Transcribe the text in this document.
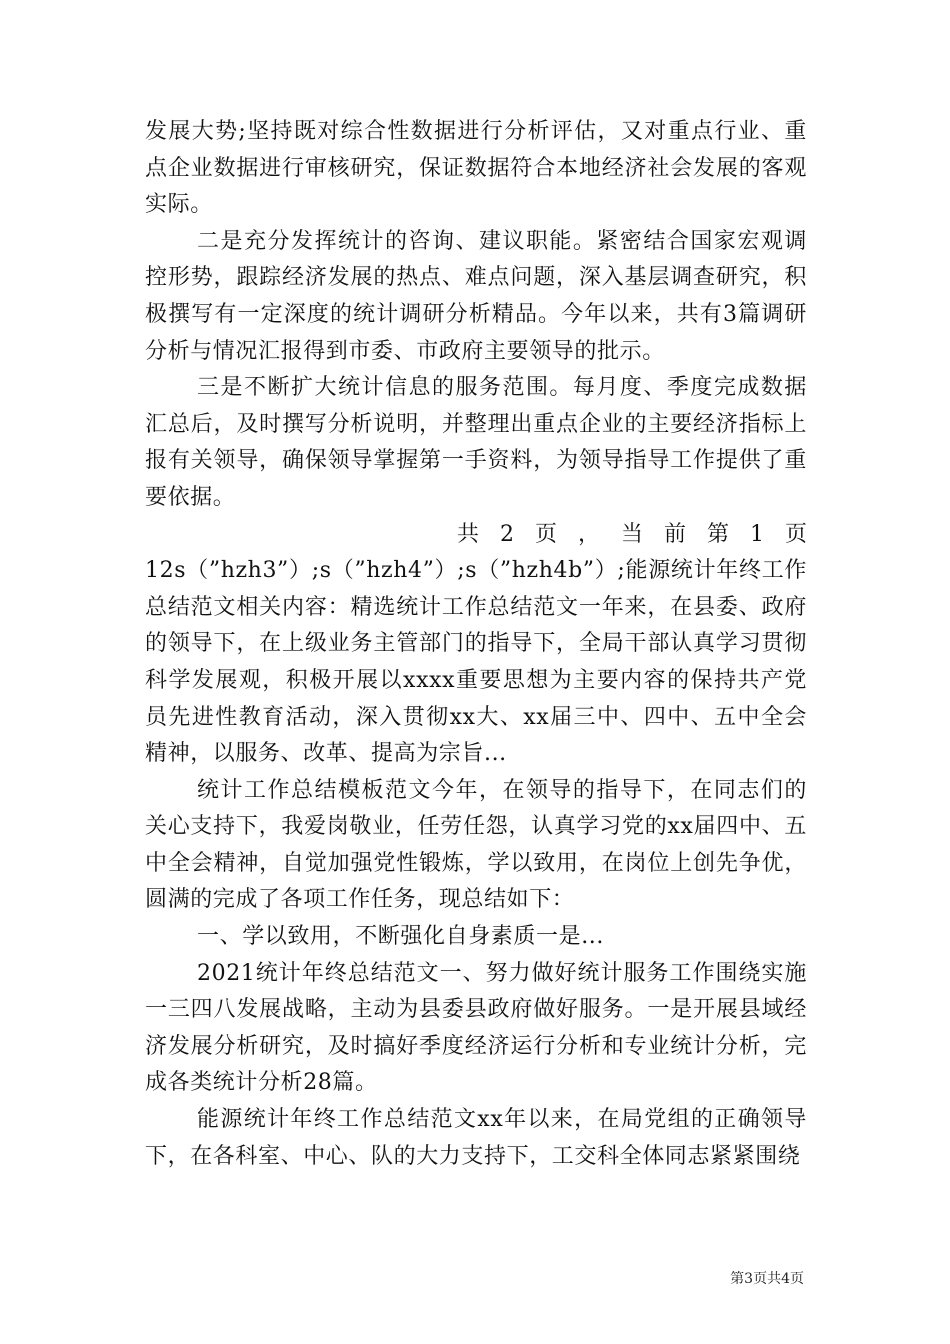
发展大势;坚持既对综合性数据进行分析评估，又对重点行业、重点企业数据进行审核研究，保证数据符合本地经济社会发展的客观实际。

二是充分发挥统计的咨询、建议职能。紧密结合国家宏观调控形势，跟踪经济发展的热点、难点问题，深入基层调查研究，积极撰写有一定深度的统计调研分析精品。今年以来，共有3篇调研分析与情况汇报得到市委、市政府主要领导的批示。

三是不断扩大统计信息的服务范围。每月度、季度完成数据汇总后，及时撰写分析说明，并整理出重点企业的主要经济指标上报有关领导，确保领导掌握第一手资料，为领导指导工作提供了重要依据。

共 2 页 ， 当 前 第 1 页

12s（”hzh3”）;s（”hzh4”）;s（”hzh4b”）;能源统计年终工作总结范文相关内容：精选统计工作总结范文一年来，在县委、政府的领导下，在上级业务主管部门的指导下，全局干部认真学习贯彻科学发展观，积极开展以xxxx重要思想为主要内容的保持共产党员先进性教育活动，深入贯彻xx大、xx届三中、四中、五中全会精神，以服务、改革、提高为宗旨...

统计工作总结模板范文今年，在领导的指导下，在同志们的关心支持下，我爱岗敬业，任劳任怨，认真学习党的xx届四中、五中全会精神，自觉加强党性锻炼，学以致用，在岗位上创先争优，圆满的完成了各项工作任务，现总结如下：

一、学以致用，不断强化自身素质一是...

2021统计年终总结范文一、努力做好统计服务工作围绕实施一三四八发展战略，主动为县委县政府做好服务。一是开展县域经济发展分析研究，及时搞好季度经济运行分析和专业统计分析，完成各类统计分析28篇。

能源统计年终工作总结范文xx年以来，在局党组的正确领导下，在各科室、中心、队的大力支持下，工交科全体同志紧紧围绕

第3页共4页
